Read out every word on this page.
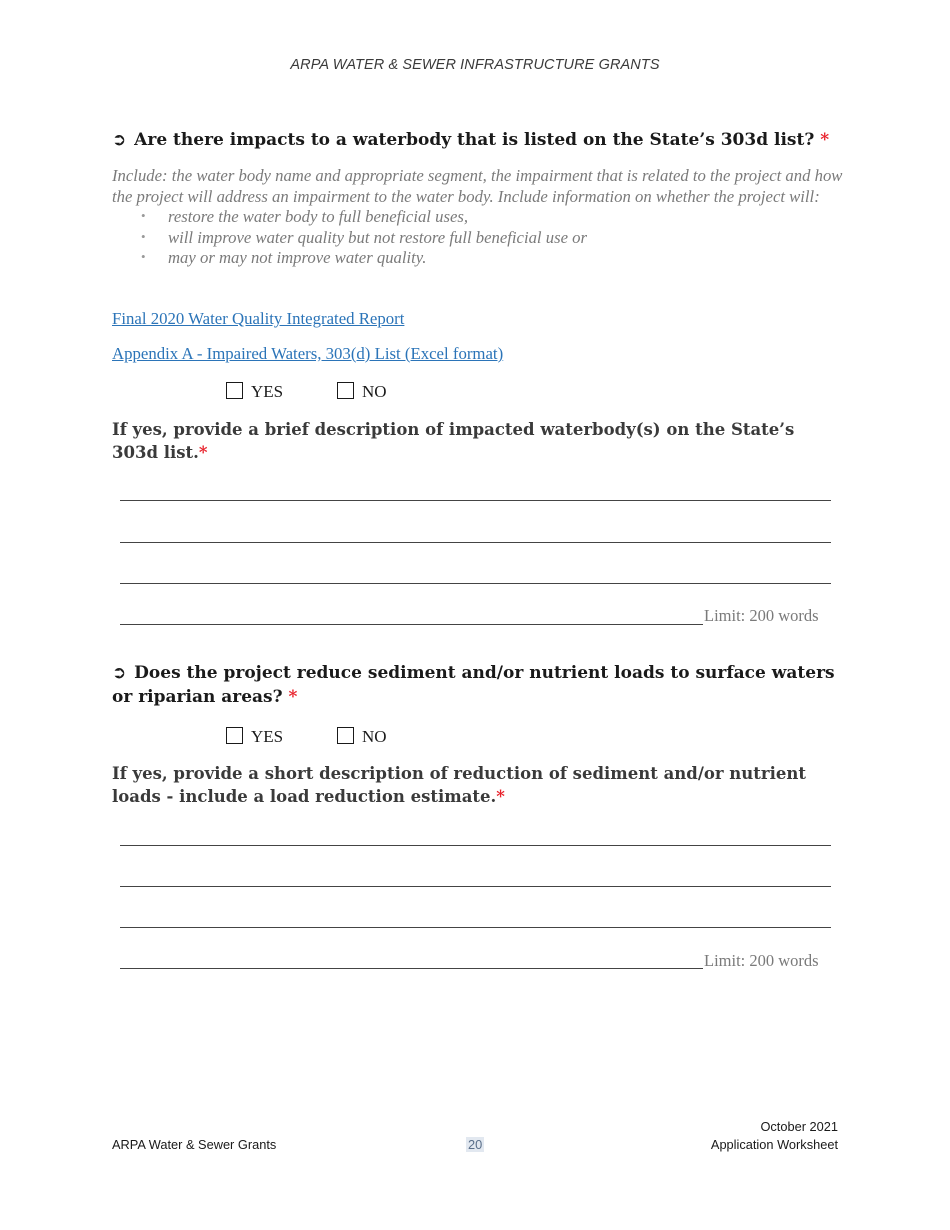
ARPA WATER & SEWER INFRASTRUCTURE GRANTS
➲ Are there impacts to a waterbody that is listed on the State’s 303d list? *
Include: the water body name and appropriate segment, the impairment that is related to the project and how the project will address an impairment to the water body. Include information on whether the project will:
• restore the water body to full beneficial uses,
• will improve water quality but not restore full beneficial use or
• may or may not improve water quality.
Final 2020 Water Quality Integrated Report
Appendix A - Impaired Waters, 303(d) List (Excel format)
YES	NO
If yes, provide a brief description of impacted waterbody(s) on the State’s 303d list.*
Limit: 200 words
➲ Does the project reduce sediment and/or nutrient loads to surface waters or riparian areas? *
YES	NO
If yes, provide a short description of reduction of sediment and/or nutrient loads - include a load reduction estimate.*
Limit: 200 words
ARPA Water & Sewer Grants	20
October 2021
Application Worksheet
